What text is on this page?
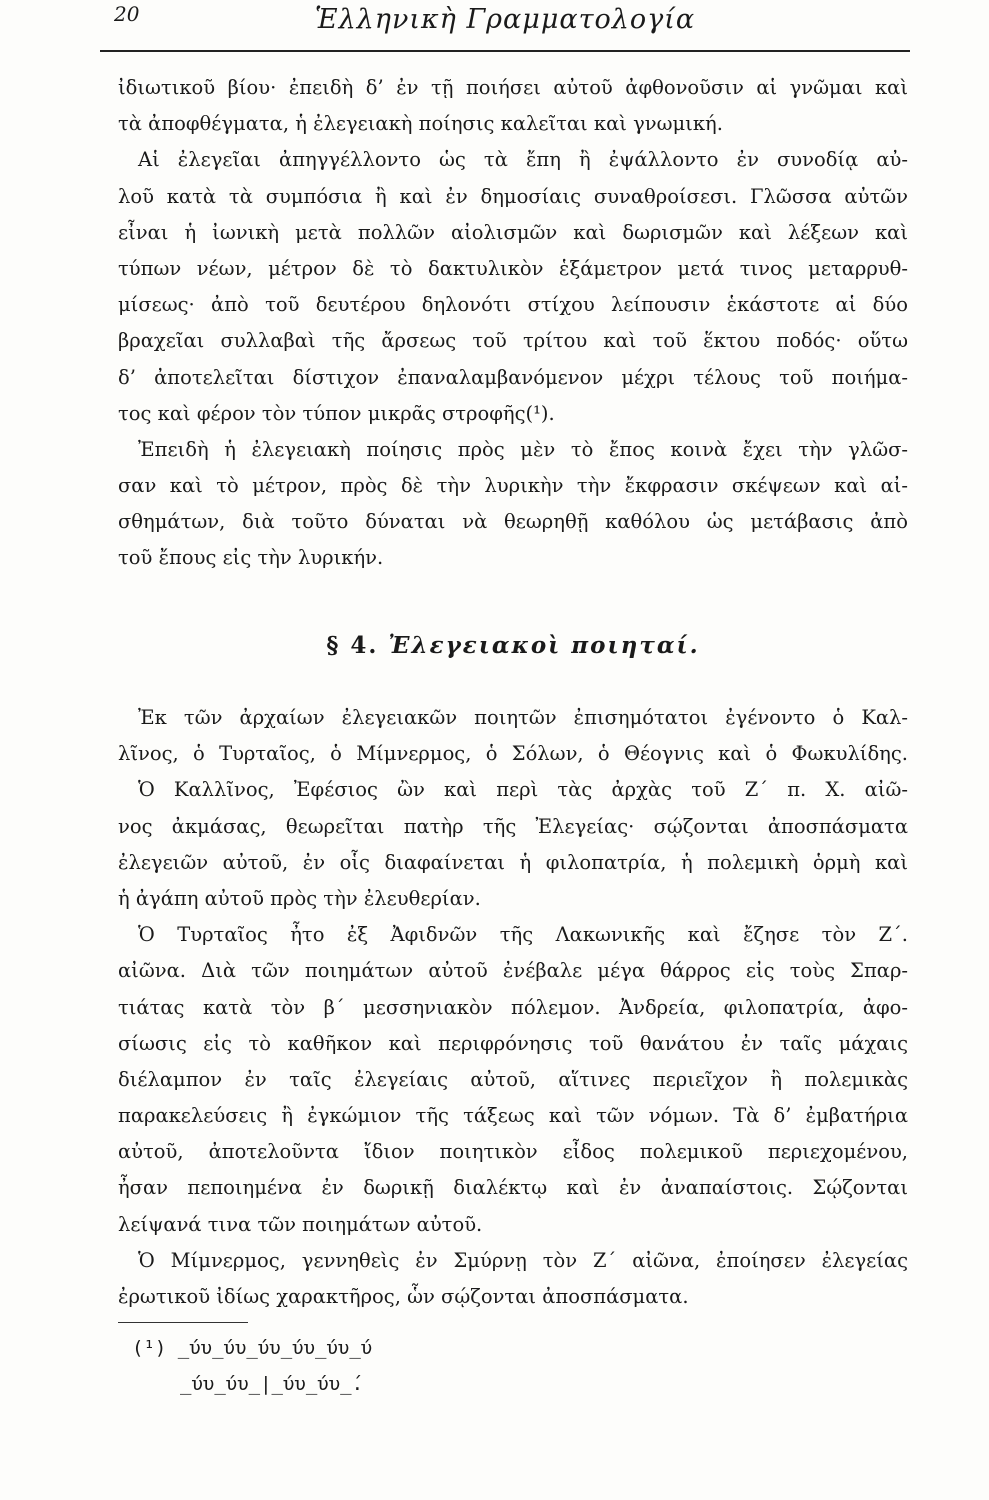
20	Ἑλληνικὴ Γραμματολογία
ἰδιωτικοῦ βίου· ἐπειδὴ δ’ ἐν τῇ ποιήσει αὐτοῦ ἀφθονοῦσιν αἱ γνῶμαι καὶ
τὰ ἀποφθέγματα, ἡ ἐλεγειακὴ ποίησις καλεῖται καὶ γνωμική.
Αἱ ἐλεγεῖαι ἀπηγγέλλοντο ὡς τὰ ἔπη ἢ ἐψάλλοντο ἐν συνοδίᾳ αὐ-
λοῦ κατὰ τὰ συμπόσια ἢ καὶ ἐν δημοσίαις συναθροίσεσι. Γλῶσσα αὐτῶν
εἶναι ἡ ἰωνικὴ μετὰ πολλῶν αἰολισμῶν καὶ δωρισμῶν καὶ λέξεων καὶ
τύπων νέων, μέτρον δὲ τὸ δακτυλικὸν ἑξάμετρον μετά τινος μεταρρυθ-
μίσεως· ἀπὸ τοῦ δευτέρου δηλονότι στίχου λείπουσιν ἑκάστοτε αἱ δύο
βραχεῖαι συλλαβαὶ τῆς ἄρσεως τοῦ τρίτου καὶ τοῦ ἕκτου ποδός· οὕτω
δ’ ἀποτελεῖται δίστιχον ἐπαναλαμβανόμενον μέχρι τέλους τοῦ ποιήμα-
τος καὶ φέρον τὸν τύπον μικρᾶς στροφῆς(¹).
Ἐπειδὴ ἡ ἐλεγειακὴ ποίησις πρὸς μὲν τὸ ἔπος κοινὰ ἔχει τὴν γλῶσ-
σαν καὶ τὸ μέτρον, πρὸς δὲ τὴν λυρικὴν τὴν ἔκφρασιν σκέψεων καὶ αἰ-
σθημάτων, διὰ τοῦτο δύναται νὰ θεωρηθῇ καθόλου ὡς μετάβασις ἀπὸ
τοῦ ἔπους εἰς τὴν λυρικήν.
§ 4. Ἐλεγειακοὶ ποιηταί.
Ἐκ τῶν ἀρχαίων ἐλεγειακῶν ποιητῶν ἐπισημότατοι ἐγένοντο ὁ Καλ-
λῖνος, ὁ Τυρταῖος, ὁ Μίμνερμος, ὁ Σόλων, ὁ Θέογνις καὶ ὁ Φωκυλίδης.
Ὁ Καλλῖνος, Ἐφέσιος ὢν καὶ περὶ τὰς ἀρχὰς τοῦ Ζ΄ π. Χ. αἰῶ-
νος ἀκμάσας, θεωρεῖται πατὴρ τῆς Ἐλεγείας· σῴζονται ἀποσπάσματα
ἐλεγειῶν αὐτοῦ, ἐν οἷς διαφαίνεται ἡ φιλοπατρία, ἡ πολεμικὴ ὁρμὴ καὶ
ἡ ἀγάπη αὐτοῦ πρὸς τὴν ἐλευθερίαν.
Ὁ Τυρταῖος ἦτο ἐξ Ἀφιδνῶν τῆς Λακωνικῆς καὶ ἔζησε τὸν Ζ΄.
αἰῶνα. Διὰ τῶν ποιημάτων αὐτοῦ ἐνέβαλε μέγα θάρρος εἰς τοὺς Σπαρ-
τιάτας κατὰ τὸν β΄ μεσσηνιακὸν πόλεμον. Ἀνδρεία, φιλοπατρία, ἀφο-
σίωσις εἰς τὸ καθῆκον καὶ περιφρόνησις τοῦ θανάτου ἐν ταῖς μάχαις
διέλαμπον ἐν ταῖς ἐλεγείαις αὐτοῦ, αἵτινες περιεῖχον ἢ πολεμικὰς
παρακελεύσεις ἢ ἐγκώμιον τῆς τάξεως καὶ τῶν νόμων. Τὰ δ’ ἐμβατήρια
αὐτοῦ, ἀποτελοῦντα ἴδιον ποιητικὸν εἶδος πολεμικοῦ περιεχομένου,
ἦσαν πεποιημένα ἐν δωρικῇ διαλέκτῳ καὶ ἐν ἀναπαίστοις. Σῴζονται
λείψανά τινα τῶν ποιημάτων αὐτοῦ.
Ὁ Μίμνερμος, γεννηθεὶς ἐν Σμύρνῃ τὸν Ζ΄ αἰῶνα, ἐποίησεν ἐλεγείας
ἐρωτικοῦ ἰδίως χαρακτῆρος, ὧν σῴζονται ἀποσπάσματα.
(¹) _́υυ_́υυ_́υυ_́υυ_́υυ_́υ
_́υυ_́υυ_|_́υυ_́υυ_́.
